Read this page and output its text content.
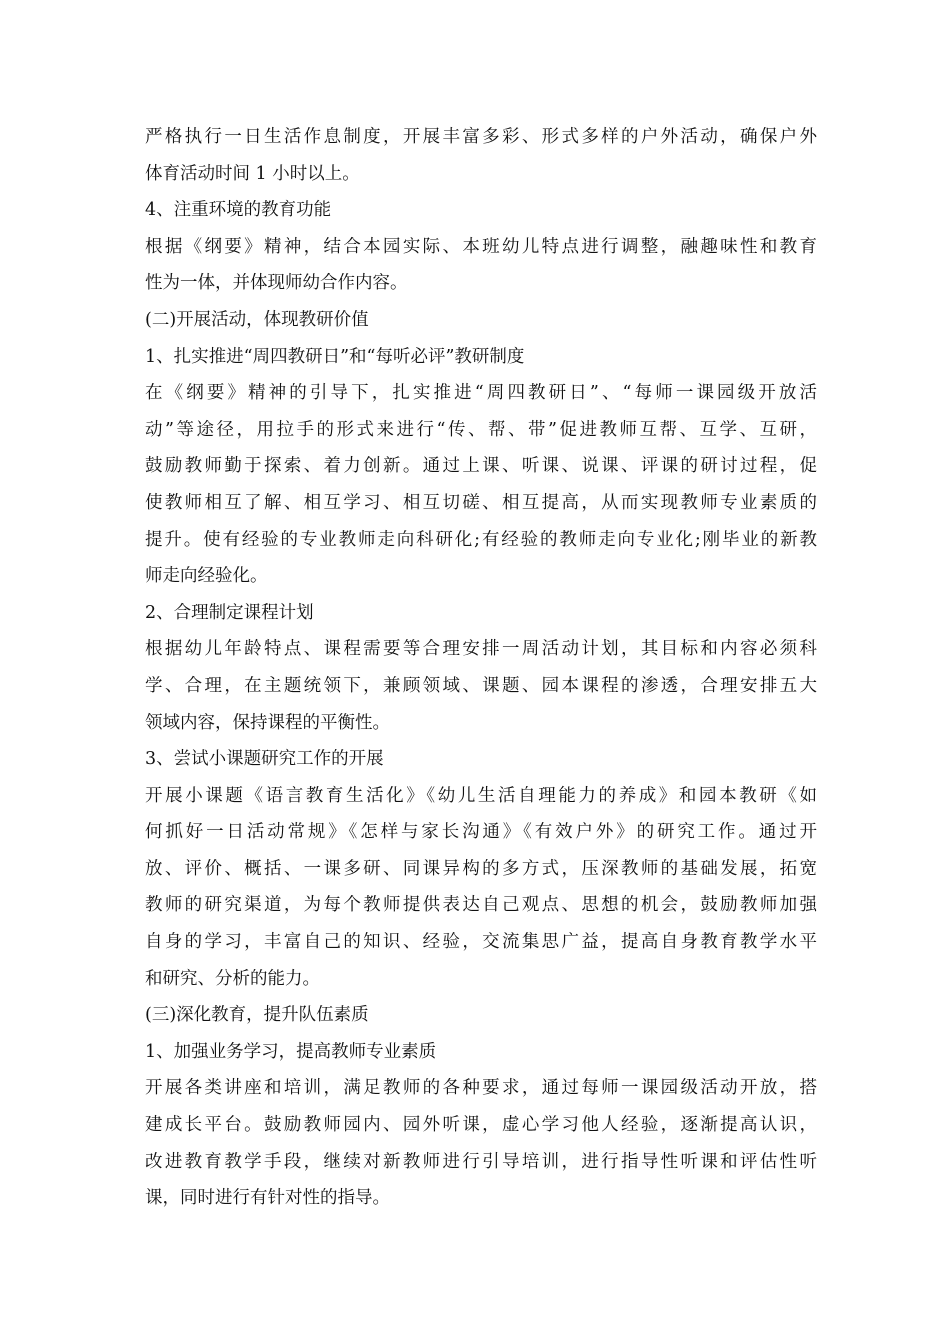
严格执行一日生活作息制度，开展丰富多彩、形式多样的户外活动，确保户外
体育活动时间 1 小时以上。
4、注重环境的教育功能
根据《纲要》精神，结合本园实际、本班幼儿特点进行调整，融趣味性和教育
性为一体，并体现师幼合作内容。
(二)开展活动，体现教研价值
1、扎实推进“周四教研日”和“每听必评”教研制度
在《纲要》精神的引导下，扎实推进“周四教研日”、“每师一课园级开放活
动”等途径，用拉手的形式来进行“传、帮、带”促进教师互帮、互学、互研，
鼓励教师勤于探索、着力创新。通过上课、听课、说课、评课的研讨过程，促
使教师相互了解、相互学习、相互切磋、相互提高，从而实现教师专业素质的
提升。使有经验的专业教师走向科研化;有经验的教师走向专业化;刚毕业的新教
师走向经验化。
2、合理制定课程计划
根据幼儿年龄特点、课程需要等合理安排一周活动计划，其目标和内容必须科
学、合理，在主题统领下，兼顾领域、课题、园本课程的渗透，合理安排五大
领域内容，保持课程的平衡性。
3、尝试小课题研究工作的开展
开展小课题《语言教育生活化》《幼儿生活自理能力的养成》和园本教研《如
何抓好一日活动常规》《怎样与家长沟通》《有效户外》的研究工作。通过开
放、评价、概括、一课多研、同课异构的多方式，压深教师的基础发展，拓宽
教师的研究渠道，为每个教师提供表达自己观点、思想的机会，鼓励教师加强
自身的学习，丰富自己的知识、经验，交流集思广益，提高自身教育教学水平
和研究、分析的能力。
(三)深化教育，提升队伍素质
1、加强业务学习，提高教师专业素质
开展各类讲座和培训，满足教师的各种要求，通过每师一课园级活动开放，搭
建成长平台。鼓励教师园内、园外听课，虚心学习他人经验，逐渐提高认识，
改进教育教学手段，继续对新教师进行引导培训，进行指导性听课和评估性听
课，同时进行有针对性的指导。
